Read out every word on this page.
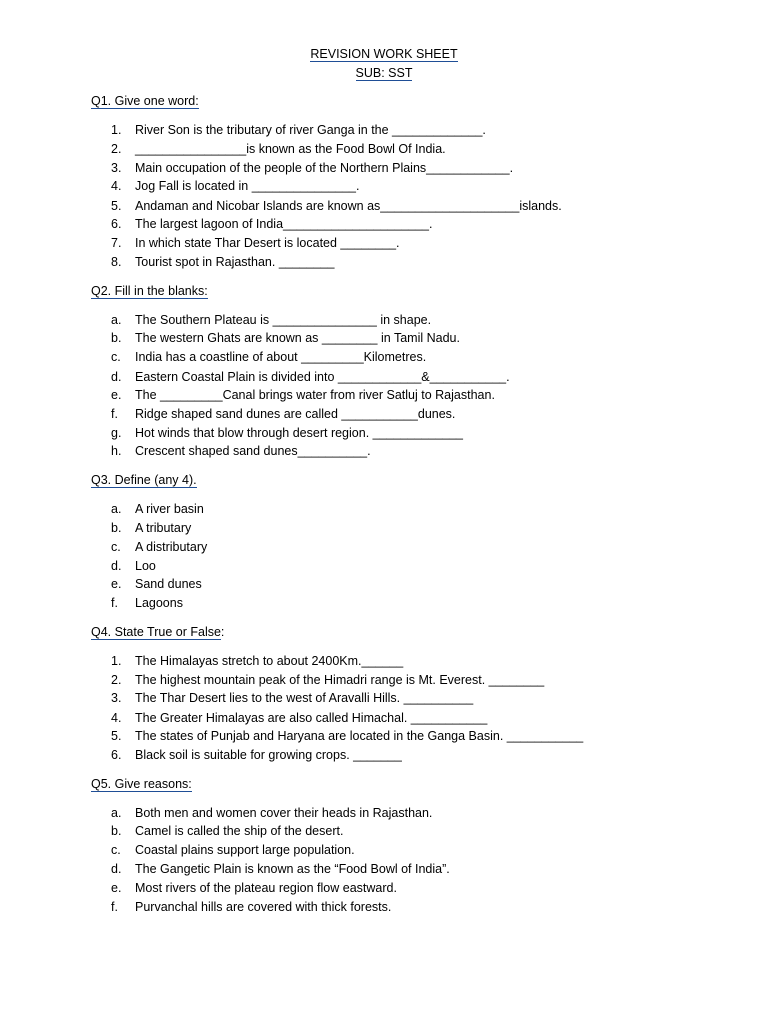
REVISION WORK SHEET
SUB: SST
Q1. Give one word:
1.	River Son is the tributary of river Ganga in the _____________.
2.	________________is known as the Food Bowl Of India.
3.	Main occupation of the people of the Northern Plains____________.
4.	Jog Fall is located in _______________.
5.	Andaman and Nicobar Islands are known as____________________islands.
6.	The largest lagoon of India_____________________.
7.	In which state Thar Desert is located ________.
8.	Tourist spot in Rajasthan. ________
Q2. Fill in the blanks:
a.	The Southern Plateau is _______________ in shape.
b.	The western Ghats are known as ________ in Tamil Nadu.
c.	India has a coastline of about _________Kilometres.
d.	Eastern Coastal Plain is divided into ____________&___________.
e.	The _________Canal brings water from river Satluj to Rajasthan.
f.	Ridge shaped sand dunes are called ___________dunes.
g.	Hot winds that blow through desert region. _____________
h.	Crescent shaped sand dunes__________.
Q3. Define (any 4).
a.	A river basin
b.	A tributary
c.	A distributary
d.	Loo
e.	Sand dunes
f.	Lagoons
Q4. State True or False:
1.	The Himalayas stretch to about 2400Km.______
2.	The highest mountain peak of the Himadri range is Mt. Everest. ________
3.	The Thar Desert lies to the west of Aravalli Hills. __________
4.	The Greater Himalayas are also called Himachal. ___________
5.	The states of Punjab and Haryana are located in the Ganga Basin. ___________
6.	Black soil is suitable for growing crops. _______
Q5. Give reasons:
a.	Both men and women cover their heads in Rajasthan.
b.	Camel is called the ship of the desert.
c.	Coastal plains support large population.
d.	The Gangetic Plain is known as the “Food Bowl of India”.
e.	Most rivers of the plateau region flow eastward.
f.	Purvanchal hills are covered with thick forests.
